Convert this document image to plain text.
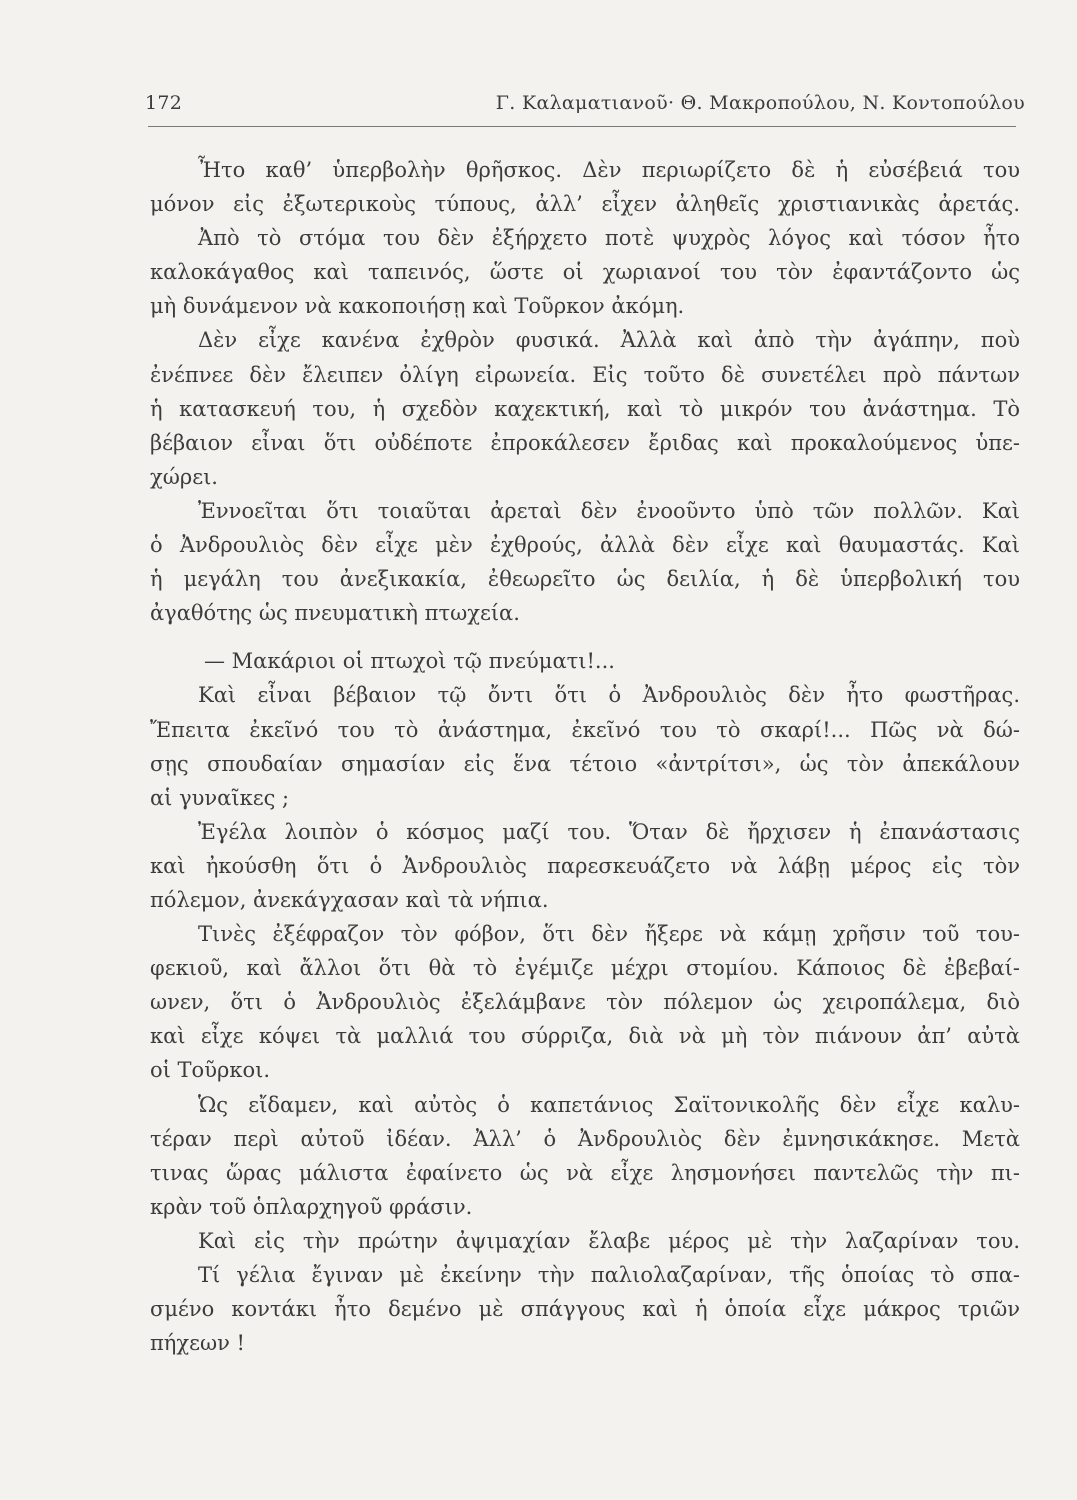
172	Γ. Καλαματιανοῦ· Θ. Μακροπούλου, Ν. Κοντοπούλου
Ἦτο καθ’ ὑπερβολὴν θρῆσκος. Δὲν περιωρίζετο δὲ ἡ εὐσέβειά του
μόνον εἰς ἐξωτερικοὺς τύπους, ἀλλ’ εἶχεν ἀληθεῖς χριστιανικὰς ἀρετάς.
Ἀπὸ τὸ στόμα του δὲν ἐξήρχετο ποτὲ ψυχρὸς λόγος καὶ τόσον ἦτο
καλοκάγαθος καὶ ταπεινός, ὥστε οἱ χωριανοί του τὸν ἐφαντάζοντο ὡς
μὴ δυνάμενον νὰ κακοποιήσῃ καὶ Τοῦρκον ἀκόμη.
Δὲν εἶχε κανένα ἐχθρὸν φυσικά. Ἀλλὰ καὶ ἀπὸ τὴν ἀγάπην, ποὺ
ἐνέπνεε δὲν ἔλειπεν ὀλίγη εἰρωνεία. Εἰς τοῦτο δὲ συνετέλει πρὸ πάντων
ἡ κατασκευή του, ἡ σχεδὸν καχεκτική, καὶ τὸ μικρόν του ἀνάστημα. Τὸ
βέβαιον εἶναι ὅτι οὐδέποτε ἐπροκάλεσεν ἔριδας καὶ προκαλούμενος ὑπε-
χώρει.
Ἐννοεῖται ὅτι τοιαῦται ἀρεταὶ δὲν ἐνοοῦντο ὑπὸ τῶν πολλῶν. Καὶ
ὁ Ἀνδρουλιὸς δὲν εἶχε μὲν ἐχθρούς, ἀλλὰ δὲν εἶχε καὶ θαυμαστάς. Καὶ
ἡ μεγάλη του ἀνεξικακία, ἐθεωρεῖτο ὡς δειλία, ἡ δὲ ὑπερβολική του
ἀγαθότης ὡς πνευματικὴ πτωχεία.
— Μακάριοι οἱ πτωχοὶ τῷ πνεύματι!...
Καὶ εἶναι βέβαιον τῷ ὄντι ὅτι ὁ Ἀνδρουλιὸς δὲν ἦτο φωστῆρας.
Ἔπειτα ἐκεῖνό του τὸ ἀνάστημα, ἐκεῖνό του τὸ σκαρί!... Πῶς νὰ δώ-
σῃς σπουδαίαν σημασίαν εἰς ἕνα τέτοιο «ἀντρίτσι», ὡς τὸν ἀπεκάλουν
αἱ γυναῖκες ;
Ἐγέλα λοιπὸν ὁ κόσμος μαζί του. Ὅταν δὲ ἤρχισεν ἡ ἐπανάστασις
καὶ ἠκούσθη ὅτι ὁ Ἀνδρουλιὸς παρεσκευάζετο νὰ λάβῃ μέρος εἰς τὸν
πόλεμον, ἀνεκάγχασαν καὶ τὰ νήπια.
Τινὲς ἐξέφραζον τὸν φόβον, ὅτι δὲν ἤξερε νὰ κάμῃ χρῆσιν τοῦ του-
φεκιοῦ, καὶ ἄλλοι ὅτι θὰ τὸ ἐγέμιζε μέχρι στομίου. Κάποιος δὲ ἐβεβαί-
ωνεν, ὅτι ὁ Ἀνδρουλιὸς ἐξελάμβανε τὸν πόλεμον ὡς χειροπάλεμα, διὸ
καὶ εἶχε κόψει τὰ μαλλιά του σύρριζα, διὰ νὰ μὴ τὸν πιάνουν ἀπ’ αὐτὰ
οἱ Τοῦρκοι.
Ὡς εἴδαμεν, καὶ αὐτὸς ὁ καπετάνιος Σαϊτονικολῆς δὲν εἶχε καλυ-
τέραν περὶ αὐτοῦ ἰδέαν. Ἀλλ’ ὁ Ἀνδρουλιὸς δὲν ἐμνησικάκησε. Μετὰ
τινας ὥρας μάλιστα ἐφαίνετο ὡς νὰ εἶχε λησμονήσει παντελῶς τὴν πι-
κρὰν τοῦ ὁπλαρχηγοῦ φράσιν.
Καὶ εἰς τὴν πρώτην ἀψιμαχίαν ἔλαβε μέρος μὲ τὴν λαζαρίναν του.
Τί γέλια ἔγιναν μὲ ἐκείνην τὴν παλιολαζαρίναν, τῆς ὁποίας τὸ σπα-
σμένο κοντάκι ἦτο δεμένο μὲ σπάγγους καὶ ἡ ὁποία εἶχε μάκρος τριῶν
πήχεων !
